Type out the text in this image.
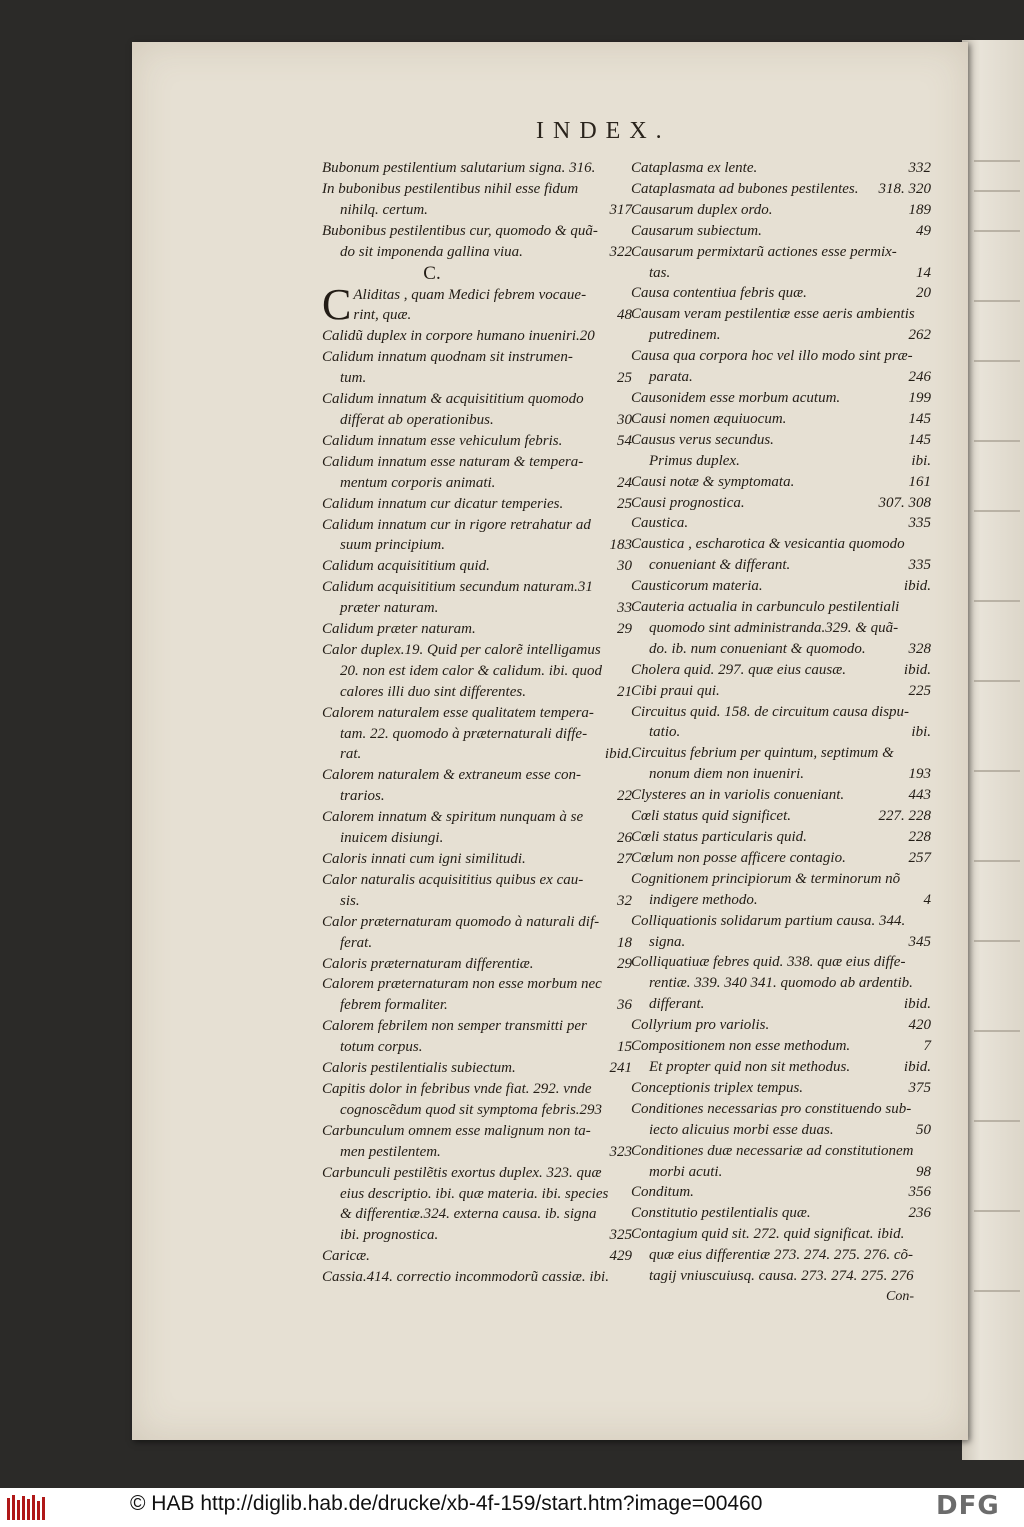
INDEX.
Bubonum pestilentium salutarium signa. 316.
In bubonibus pestilentibus nihil esse fidum
nihilq. certum.	317
Bubonibus pestilentibus cur, quomodo & quã-
do sit imponenda gallina viua.	322
C.
C Aliditas , quam Medici febrem vocaue-
rint, quæ.	48
Calidũ duplex in corpore humano inueniri.20
Calidum innatum quodnam sit instrumen-
tum.	25
Calidum innatum & acquisititium quomodo
differat ab operationibus.	30
Calidum innatum esse vehiculum febris.	54
Calidum innatum esse naturam & tempera-
mentum corporis animati.	24
Calidum innatum cur dicatur temperies.	25
Calidum innatum cur in rigore retrahatur ad
suum principium.	183
Calidum acquisititium quid.	30
Calidum acquisititium secundum naturam.31
præter naturam.	33
Calidum præter naturam.	29
Calor duplex.19. Quid per calorẽ intelligamus
20. non est idem calor & calidum. ibi. quod
calores illi duo sint differentes.	21
Calorem naturalem esse qualitatem tempera-
tam. 22. quomodo à præternaturali diffe-
rat.	ibid.
Calorem naturalem & extraneum esse con-
trarios.	22
Calorem innatum & spiritum nunquam à se
inuicem disiungi.	26
Caloris innati cum igni similitudi.	27
Calor naturalis acquisititius quibus ex cau-
sis.	32
Calor præternaturam quomodo à naturali dif-
ferat.	18
Caloris præternaturam differentiæ.	29
Calorem præternaturam non esse morbum nec
febrem formaliter.	36
Calorem febrilem non semper transmitti per
totum corpus.	15
Caloris pestilentialis subiectum.	241
Capitis dolor in febribus vnde fiat. 292. vnde
cognoscẽdum quod sit symptoma febris.293
Carbunculum omnem esse malignum non ta-
men pestilentem.	323
Carbunculi pestilẽtis exortus duplex. 323. quæ
eius descriptio. ibi. quæ materia. ibi. species
& differentiæ.324. externa causa. ib. signa
ibi. prognostica.	325
Caricæ.	429
Cassia.414. correctio incommodorũ cassiæ. ibi.
Cataplasma ex lente.	332
Cataplasmata ad bubones pestilentes.	318. 320
Causarum duplex ordo.	189
Causarum subiectum.	49
Causarum permixtarũ actiones esse permix-
tas.	14
Causa contentiua febris quæ.	20
Causam veram pestilentiæ esse aeris ambientis
putredinem.	262
Causa qua corpora hoc vel illo modo sint præ-
parata.	246
Causonidem esse morbum acutum.	199
Causi nomen æquiuocum.	145
Causus verus secundus.	145
Primus duplex.	ibi.
Causi notæ & symptomata.	161
Causi prognostica.	307. 308
Caustica.	335
Caustica , escharotica & vesicantia quomodo
conueniant & differant.	335
Causticorum materia.	ibid.
Cauteria actualia in carbunculo pestilentiali
quomodo sint administranda.329. & quã-
do. ib. num conueniant & quomodo.	328
Cholera quid. 297. quæ eius causæ.	ibid.
Cibi praui qui.	225
Circuitus quid. 158. de circuitum causa dispu-
tatio.	ibi.
Circuitus febrium per quintum, septimum &
nonum diem non inueniri.	193
Clysteres an in variolis conueniant.	443
Cœli status quid significet.	227. 228
Cœli status particularis quid.	228
Cœlum non posse afficere contagio.	257
Cognitionem principiorum & terminorum nõ
indigere methodo.	4
Colliquationis solidarum partium causa. 344.
signa.	345
Colliquatiuæ febres quid. 338. quæ eius diffe-
rentiæ. 339. 340 341. quomodo ab ardentib.
differant.	ibid.
Collyrium pro variolis.	420
Compositionem non esse methodum.	7
Et propter quid non sit methodus.	ibid.
Conceptionis triplex tempus.	375
Conditiones necessarias pro constituendo sub-
iecto alicuius morbi esse duas.	50
Conditiones duæ necessariæ ad constitutionem
morbi acuti.	98
Conditum.	356
Constitutio pestilentialis quæ.	236
Contagium quid sit. 272. quid significat. ibid.
quæ eius differentiæ 273. 274. 275. 276. cõ-
tagij vniuscuiusq. causa. 273. 274. 275. 276
Con-
© HAB http://diglib.hab.de/drucke/xb-4f-159/start.htm?image=00460	DFG
